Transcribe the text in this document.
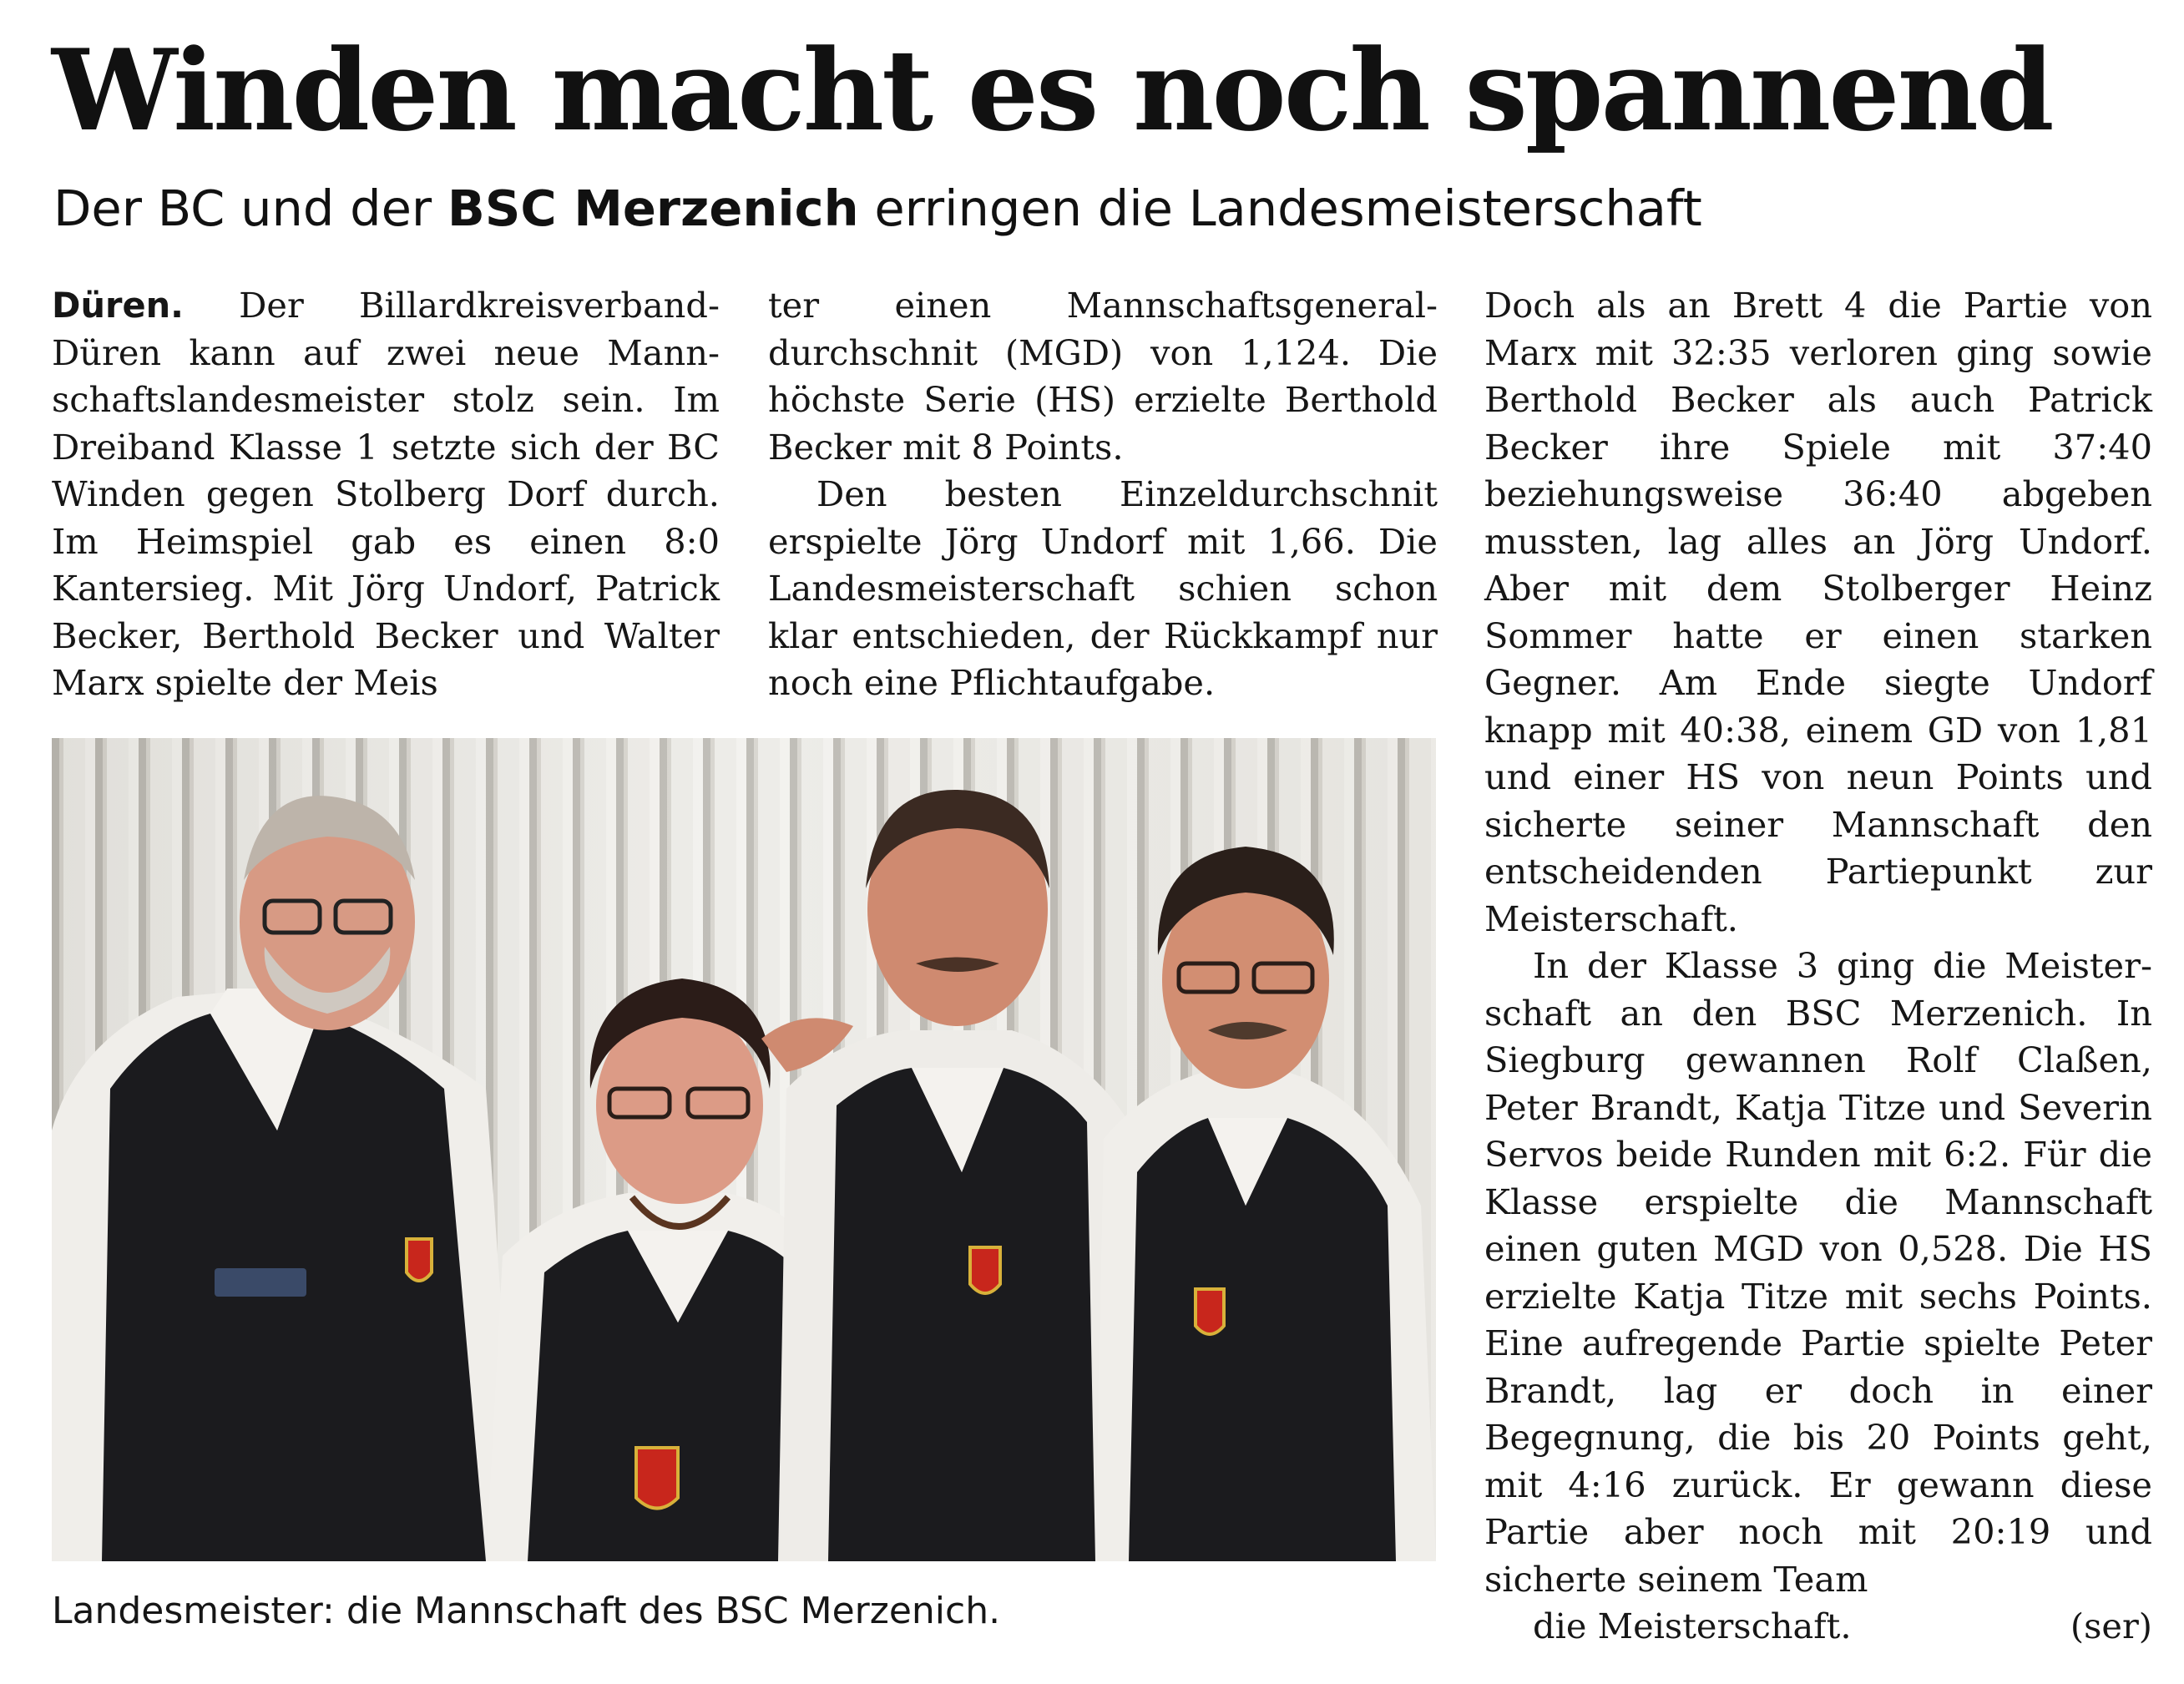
Winden macht es noch spannend
Der BC und der BSC Merzenich erringen die Landesmeisterschaft

Düren. Der Billardkreisverband-Düren kann auf zwei neue Mannschaftslandesmeister stolz sein. Im Dreiband Klasse 1 setzte sich der BC Winden gegen Stolberg Dorf durch. Im Heimspiel gab es einen 8:0 Kantersieg. Mit Jörg Undorf, Patrick Becker, Berthold Becker und Walter Marx spielte der Meis

ter einen Mannschaftsgeneraldurchschnit (MGD) von 1,124. Die höchste Serie (HS) erzielte Berthold Becker mit 8 Points.

Den besten Einzeldurchschnit erspielte Jörg Undorf mit 1,66. Die Landesmeisterschaft schien schon klar entschieden, der Rückkampf nur noch eine Pflichtaufgabe.

Doch als an Brett 4 die Partie von Marx mit 32:35 verloren ging sowie Berthold Becker als auch Patrick Becker ihre Spiele mit 37:40 beziehungsweise 36:40 abgeben mussten, lag alles an Jörg Undorf. Aber mit dem Stolberger Heinz Sommer hatte er einen starken Gegner. Am Ende siegte Undorf knapp mit 40:38, einem GD von 1,81 und einer HS von neun Points und sicherte seiner Mannschaft den entscheidenden Partiepunkt zur Meisterschaft.

In der Klasse 3 ging die Meisterschaft an den BSC Merzenich. In Siegburg gewannen Rolf Claßen, Peter Brandt, Katja Titze und Severin Servos beide Runden mit 6:2. Für die Klasse erspielte die Mannschaft einen guten MGD von 0,528. Die HS erzielte Katja Titze mit sechs Points. Eine aufregende Partie spielte Peter Brandt, lag er doch in einer Begegnung, die bis 20 Points geht, mit 4:16 zurück. Er gewann diese Partie aber noch mit 20:19 und sicherte seinem Team
die Meisterschaft.	(ser)

Landesmeister: die Mannschaft des BSC Merzenich.
